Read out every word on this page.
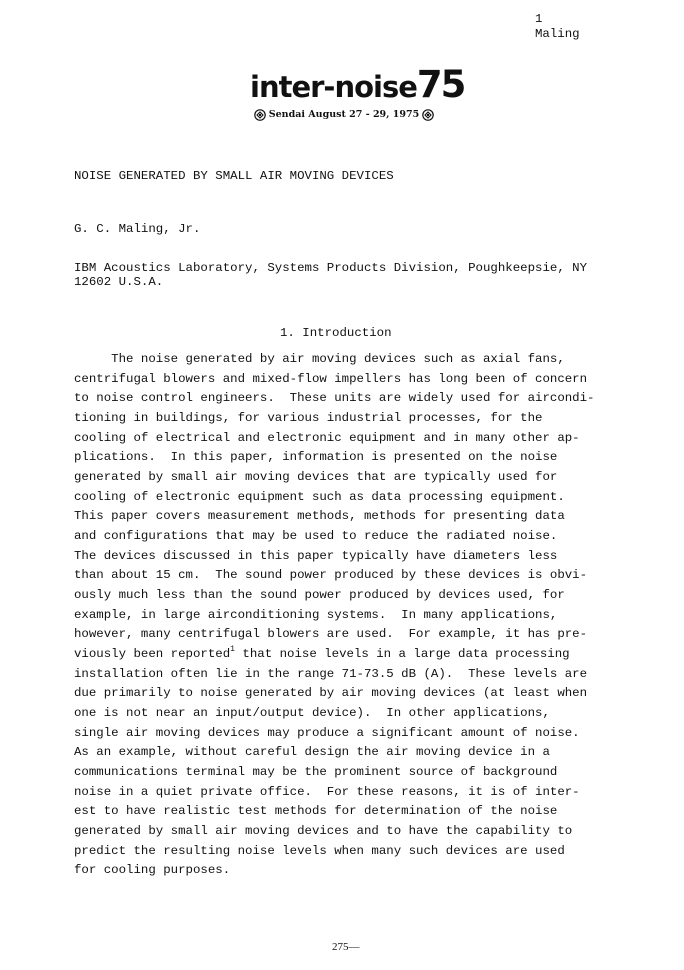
1
Maling
inter-noise75
Sendai August 27 - 29, 1975
NOISE GENERATED BY SMALL AIR MOVING DEVICES
G. C. Maling, Jr.
IBM Acoustics Laboratory, Systems Products Division, Poughkeepsie, NY
12602 U.S.A.
1. Introduction
The noise generated by air moving devices such as axial fans,
centrifugal blowers and mixed-flow impellers has long been of concern
to noise control engineers.  These units are widely used for aircondi-
tioning in buildings, for various industrial processes, for the
cooling of electrical and electronic equipment and in many other ap-
plications.  In this paper, information is presented on the noise
generated by small air moving devices that are typically used for
cooling of electronic equipment such as data processing equipment.
This paper covers measurement methods, methods for presenting data
and configurations that may be used to reduce the radiated noise.
The devices discussed in this paper typically have diameters less
than about 15 cm.  The sound power produced by these devices is obvi-
ously much less than the sound power produced by devices used, for
example, in large airconditioning systems.  In many applications,
however, many centrifugal blowers are used.  For example, it has pre-
viously been reported$^1$ that noise levels in a large data processing
installation often lie in the range 71-73.5 dB (A).  These levels are
due primarily to noise generated by air moving devices (at least when
one is not near an input/output device).  In other applications,
single air moving devices may produce a significant amount of noise.
As an example, without careful design the air moving device in a
communications terminal may be the prominent source of background
noise in a quiet private office.  For these reasons, it is of inter-
est to have realistic test methods for determination of the noise
generated by small air moving devices and to have the capability to
predict the resulting noise levels when many such devices are used
for cooling purposes.
275—
